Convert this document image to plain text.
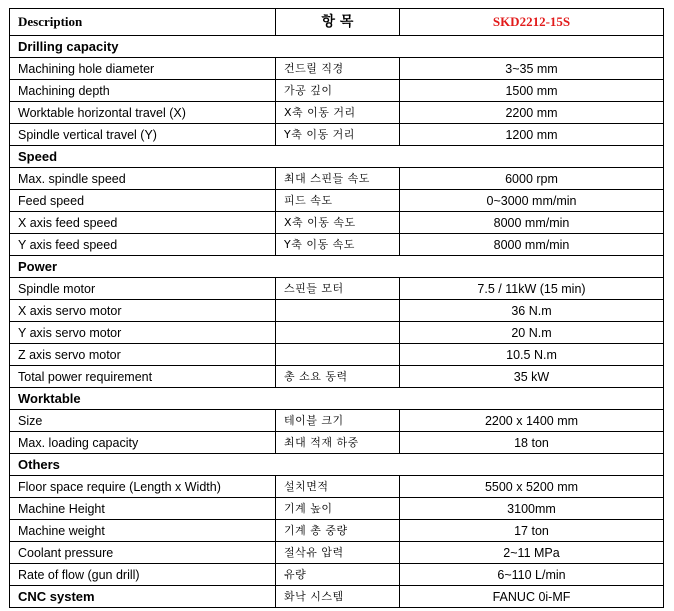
Description	항 목	SKD2212-15S
Drilling capacity		
Machining hole diameter	건드릴 직경	3~35 mm
Machining depth	가공 깊이	1500 mm
Worktable horizontal travel (X)	X축 이동 거리	2200 mm
Spindle vertical travel (Y)	Y축 이동 거리	1200 mm
Speed		
Max. spindle speed	최대 스핀들 속도	6000 rpm
Feed speed	피드 속도	0~3000 mm/min
X axis feed speed	X축 이동 속도	8000 mm/min
Y axis feed speed	Y축 이동 속도	8000 mm/min
Power		
Spindle motor	스핀들 모터	7.5 / 11kW (15 min)
X axis servo motor		36 N.m
Y axis servo motor		20 N.m
Z axis servo motor		10.5 N.m
Total power requirement	총 소요 동력	35 kW
Worktable		
Size	테이블 크기	2200 x 1400 mm
Max. loading capacity	최대 적재 하중	18 ton
Others		
Floor space require (Length x Width)	설치면적	5500 x 5200 mm
Machine Height	기계 높이	3100mm
Machine weight	기계 총 중량	17 ton
Coolant pressure	절삭유 압력	2~11 MPa
Rate of flow (gun drill)	유량	6~110 L/min
CNC system	화낙 시스템	FANUC 0i-MF
